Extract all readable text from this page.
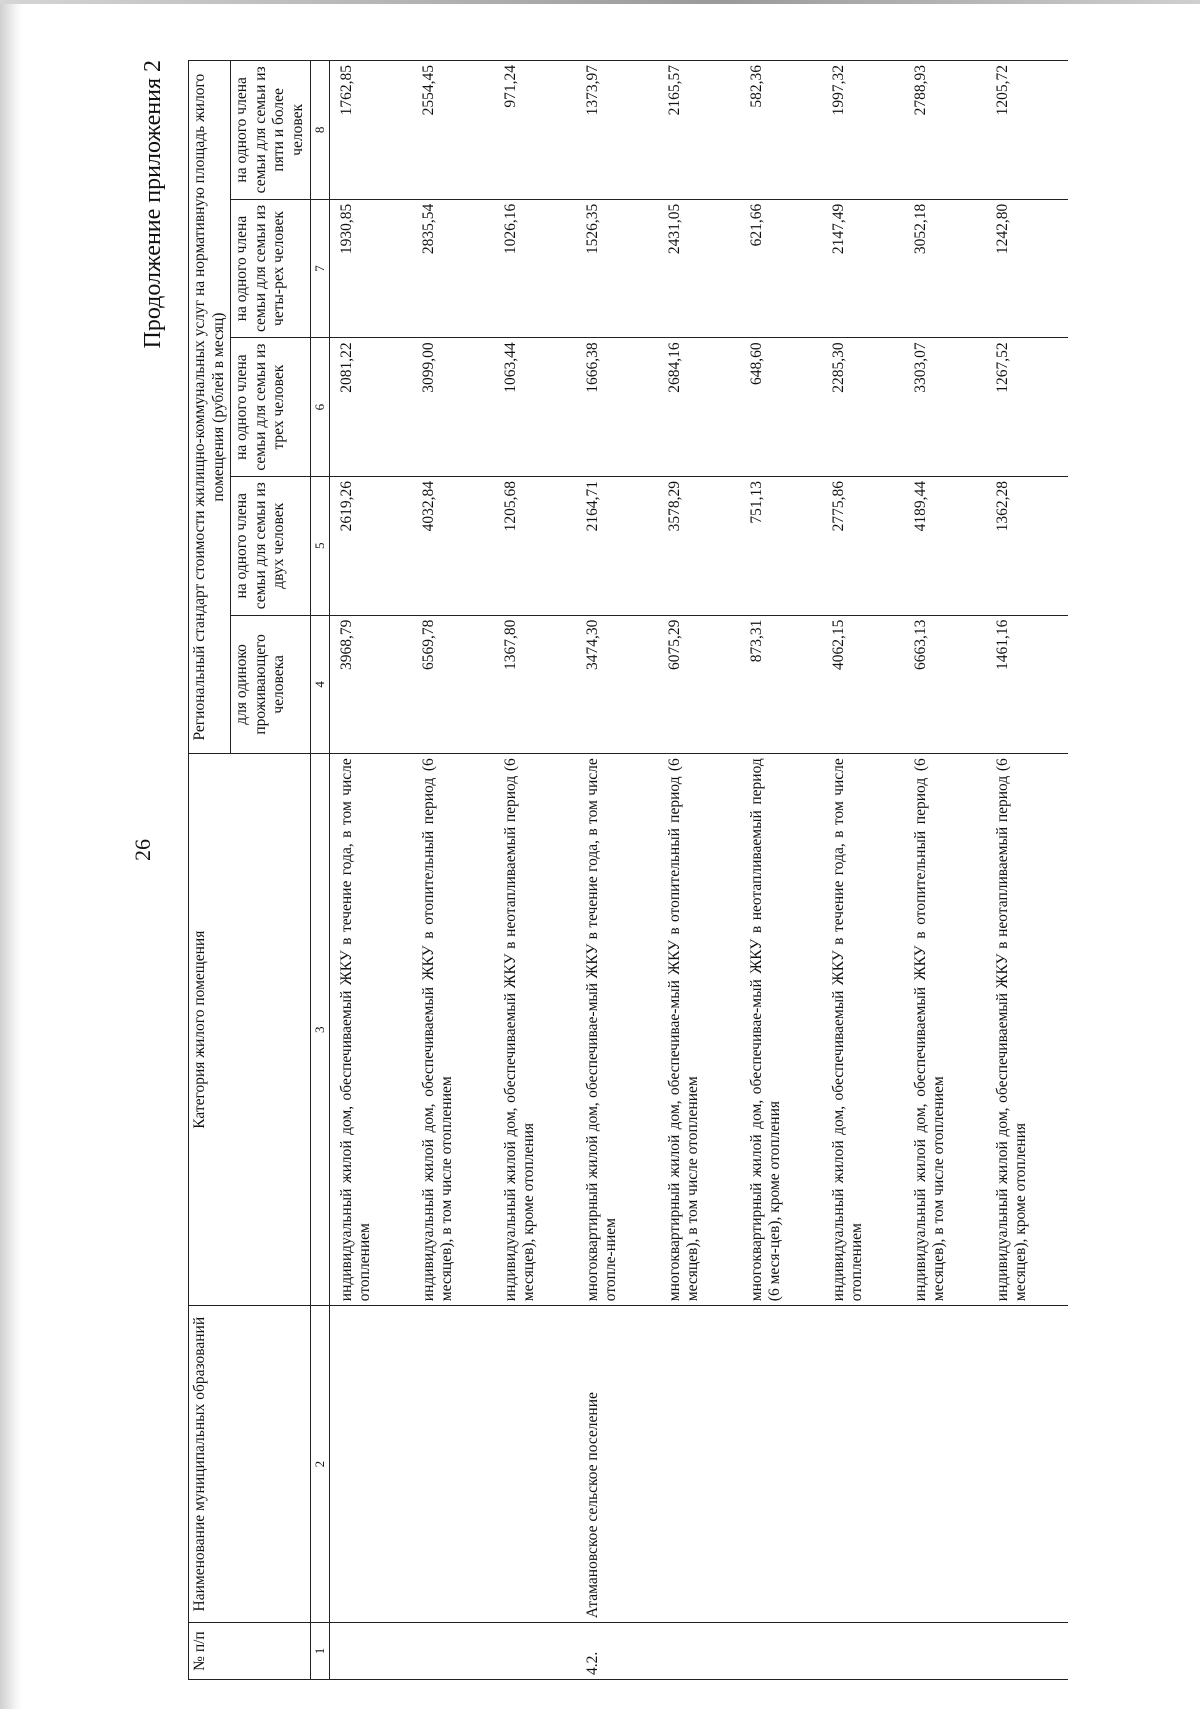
26
Продолжение приложения 2
№ п/п	Наименование муниципальных образований	Категория жилого помещения	Региональный стандарт стоимости жилищно-коммунальных услуг на нормативную площадь жилого помещения (рублей в месяц)				
			для одиноко проживающего человека	на одного члена семьи для семьи из двух человек	на одного члена семьи для семьи из трех человек	на одного члена семьи для семьи из четы-рех человек	на одного члена семьи для семьи из пяти и более человек
1	2	3	4	5	6	7	8
		индивидуальный жилой дом, обеспечиваемый ЖКУ в течение года, в том числе отоплением	3968,79	2619,26	2081,22	1930,85	1762,85
		индивидуальный жилой дом, обеспечиваемый ЖКУ в отопительный период (6 месяцев), в том числе отоплением	6569,78	4032,84	3099,00	2835,54	2554,45
		индивидуальный жилой дом, обеспечиваемый ЖКУ в неотапливаемый период (6 месяцев), кроме отопления	1367,80	1205,68	1063,44	1026,16	971,24
4.2.	Атамановское сельское поселение	многоквартирный жилой дом, обеспечивае-мый ЖКУ в течение года, в том числе отопле-нием	3474,30	2164,71	1666,38	1526,35	1373,97
		многоквартирный жилой дом, обеспечивае-мый ЖКУ в отопительный период (6 месяцев), в том числе отоплением	6075,29	3578,29	2684,16	2431,05	2165,57
		многоквартирный жилой дом, обеспечивае-мый ЖКУ в неотапливаемый период (6 меся-цев), кроме отопления	873,31	751,13	648,60	621,66	582,36
		индивидуальный жилой дом, обеспечиваемый ЖКУ в течение года, в том числе отоплением	4062,15	2775,86	2285,30	2147,49	1997,32
		индивидуальный жилой дом, обеспечиваемый ЖКУ в отопительный период (6 месяцев), в том числе отоплением	6663,13	4189,44	3303,07	3052,18	2788,93
		индивидуальный жилой дом, обеспечиваемый ЖКУ в неотапливаемый период (6 месяцев), кроме отопления	1461,16	1362,28	1267,52	1242,80	1205,72
